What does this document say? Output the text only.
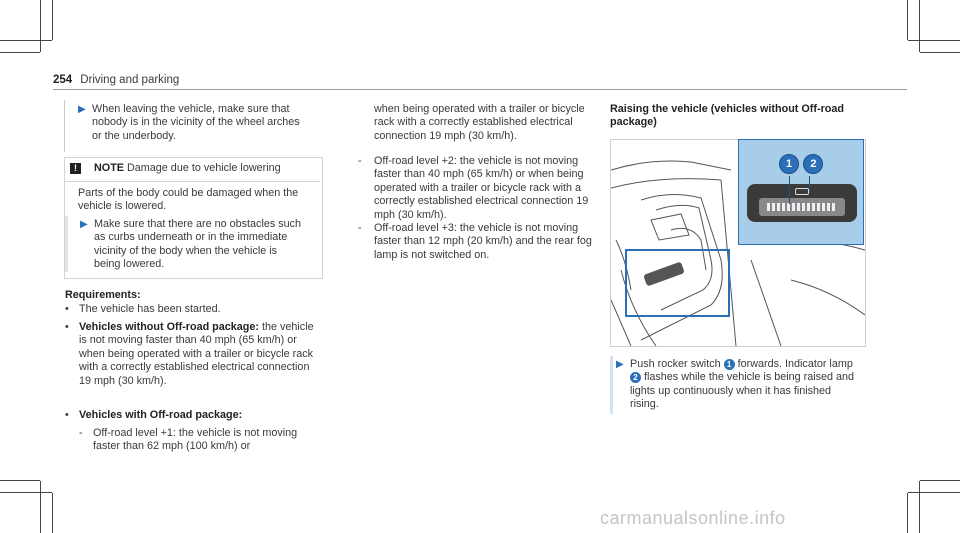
254 Driving and parking
▶ When leaving the vehicle, make sure that nobody is in the vicinity of the wheel arches or the underbody.
! NOTE Damage due to vehicle lowering
Parts of the body could be damaged when the vehicle is lowered.
▶ Make sure that there are no obstacles such as curbs underneath or in the immediate vicinity of the body when the vehicle is being lowered.
Requirements:
• The vehicle has been started.
• Vehicles without Off-road package: the vehicle is not moving faster than 40 mph (65 km/h) or when being operated with a trailer or bicycle rack with a correctly established electrical connection 19 mph (30 km/h).
• Vehicles with Off-road package:
- Off-road level +1: the vehicle is not moving faster than 62 mph (100 km/h) or
when being operated with a trailer or bicycle rack with a correctly established electrical connection 19 mph (30 km/h).
- Off-road level +2: the vehicle is not moving faster than 40 mph (65 km/h) or when being operated with a trailer or bicycle rack with a correctly established electrical connection 19 mph (30 km/h).
- Off-road level +3: the vehicle is not moving faster than 12 mph (20 km/h) and the rear fog lamp is not switched on.
Raising the vehicle (vehicles without Off-road package)
1 2
▶ Push rocker switch 1 forwards. Indicator lamp 2 flashes while the vehicle is being raised and lights up continuously when it has finished rising.
carmanualsonline.info
